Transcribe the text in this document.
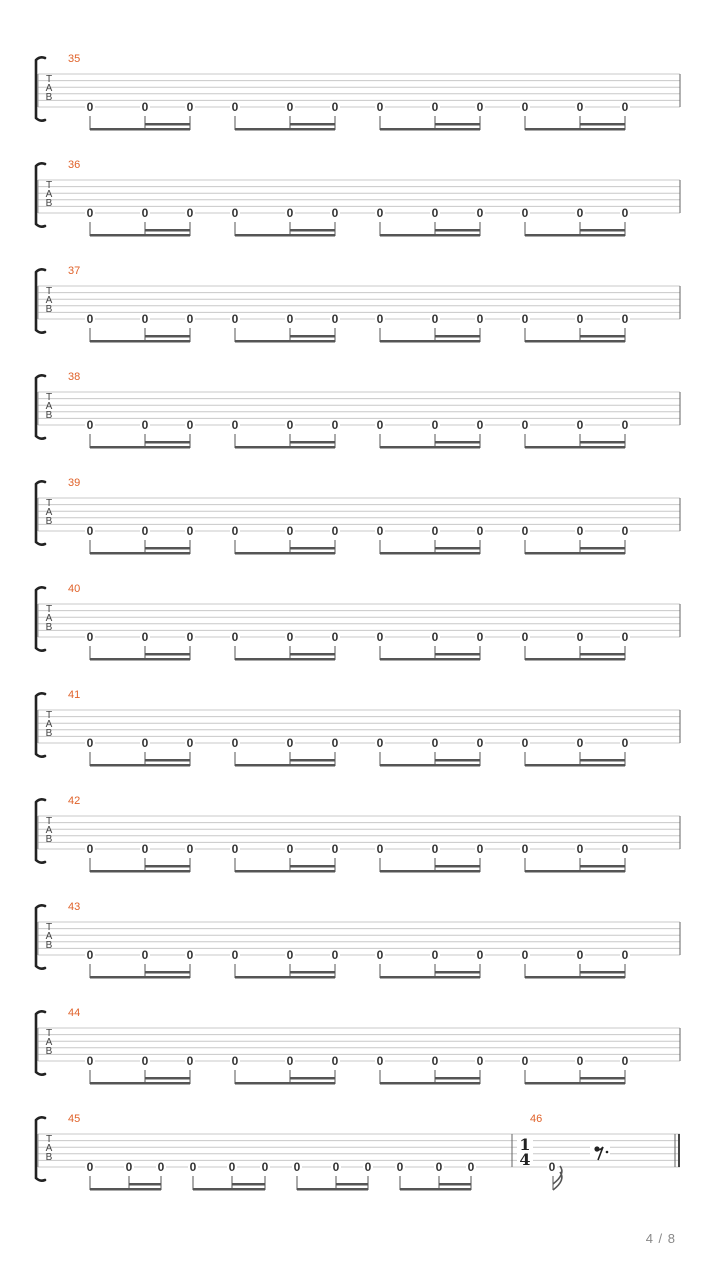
T
A
B
35
0	0	0	0	0	0	0	0	0	0	0	0
T
A
B
36
0	0	0	0	0	0	0	0	0	0	0	0
T
A
B
37
0	0	0	0	0	0	0	0	0	0	0	0
T
A
B
38
0	0	0	0	0	0	0	0	0	0	0	0
T
A
B
39
0	0	0	0	0	0	0	0	0	0	0	0
T
A
B
40
0	0	0	0	0	0	0	0	0	0	0	0
T
A
B
41
0	0	0	0	0	0	0	0	0	0	0	0
T
A
B
42
0	0	0	0	0	0	0	0	0	0	0	0
T
A
B
43
0	0	0	0	0	0	0	0	0	0	0	0
T
A
B
44
0	0	0	0	0	0	0	0	0	0	0	0
T
A
B
45
0	0 0 0	0 0 0	0 0 0	0 0
46
1
4 0
4 / 8
